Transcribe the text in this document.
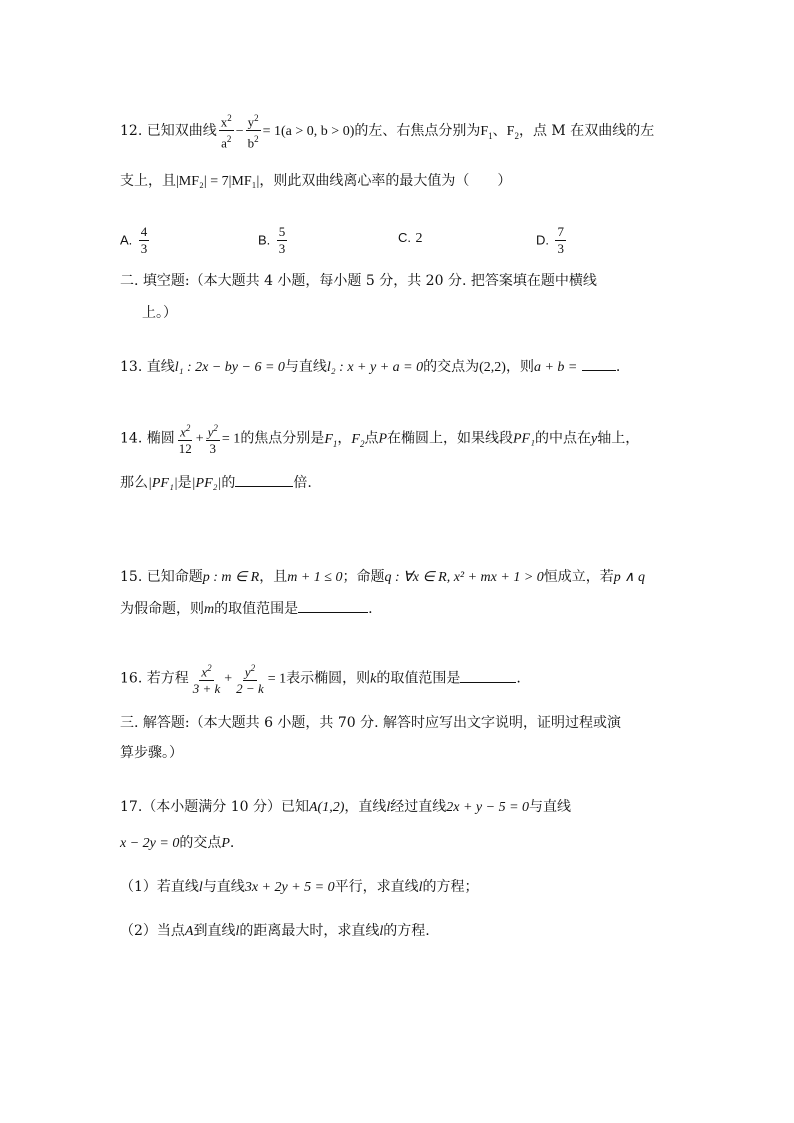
12. 已知双曲线 $\frac{x^2}{a^2} - \frac{y^2}{b^2} = 1(a > 0$, b > 0)的左、右焦点分别为$F_1$、$F_2$，点 M 在双曲线的左
支上，且|MF₂| = 7|MF₁|，则此双曲线离心率的最大值为（　　）
A. $\frac{4}{3}$	B. $\frac{5}{3}$	C. 2	D. $\frac{7}{3}$
二. 填空题:（本大题共 4 小题，每小题 5 分，共 20 分. 把答案填在题中横线
上。）
13. 直线l₁ : 2x − by − 6 = 0与直线l₂ : x + y + a = 0的交点为(2,2)，则a + b =	.
14. 椭圆 $\frac{x^2}{12} + \frac{y^2}{3} = 1$的焦点分别是$F_1$，$F_2$点P在椭圆上，如果线段PF₁的中点在y轴上，
那么|PF₁|是|PF₂|的	倍.
15. 已知命题p : m ∈ R，且m + 1 ≤ 0；命题q : ∀x ∈ R, x² + mx + 1 > 0恒成立，若p ∧ q
为假命题，则m的取值范围是	.
16. 若方程 $\frac{x^2}{3 + k} + \frac{y^2}{2 - k} = 1$表示椭圆，则k的取值范围是	.
三. 解答题:（本大题共 6 小题，共 70 分. 解答时应写出文字说明，证明过程或演
算步骤。）
17.（本小题满分 10 分）已知A(1,2)，直线l经过直线2x + y − 5 = 0与直线
x − 2y = 0的交点P.
（1）若直线l与直线3x + 2y + 5 = 0平行，求直线l的方程；
（2）当点A到直线l的距离最大时，求直线l的方程.
